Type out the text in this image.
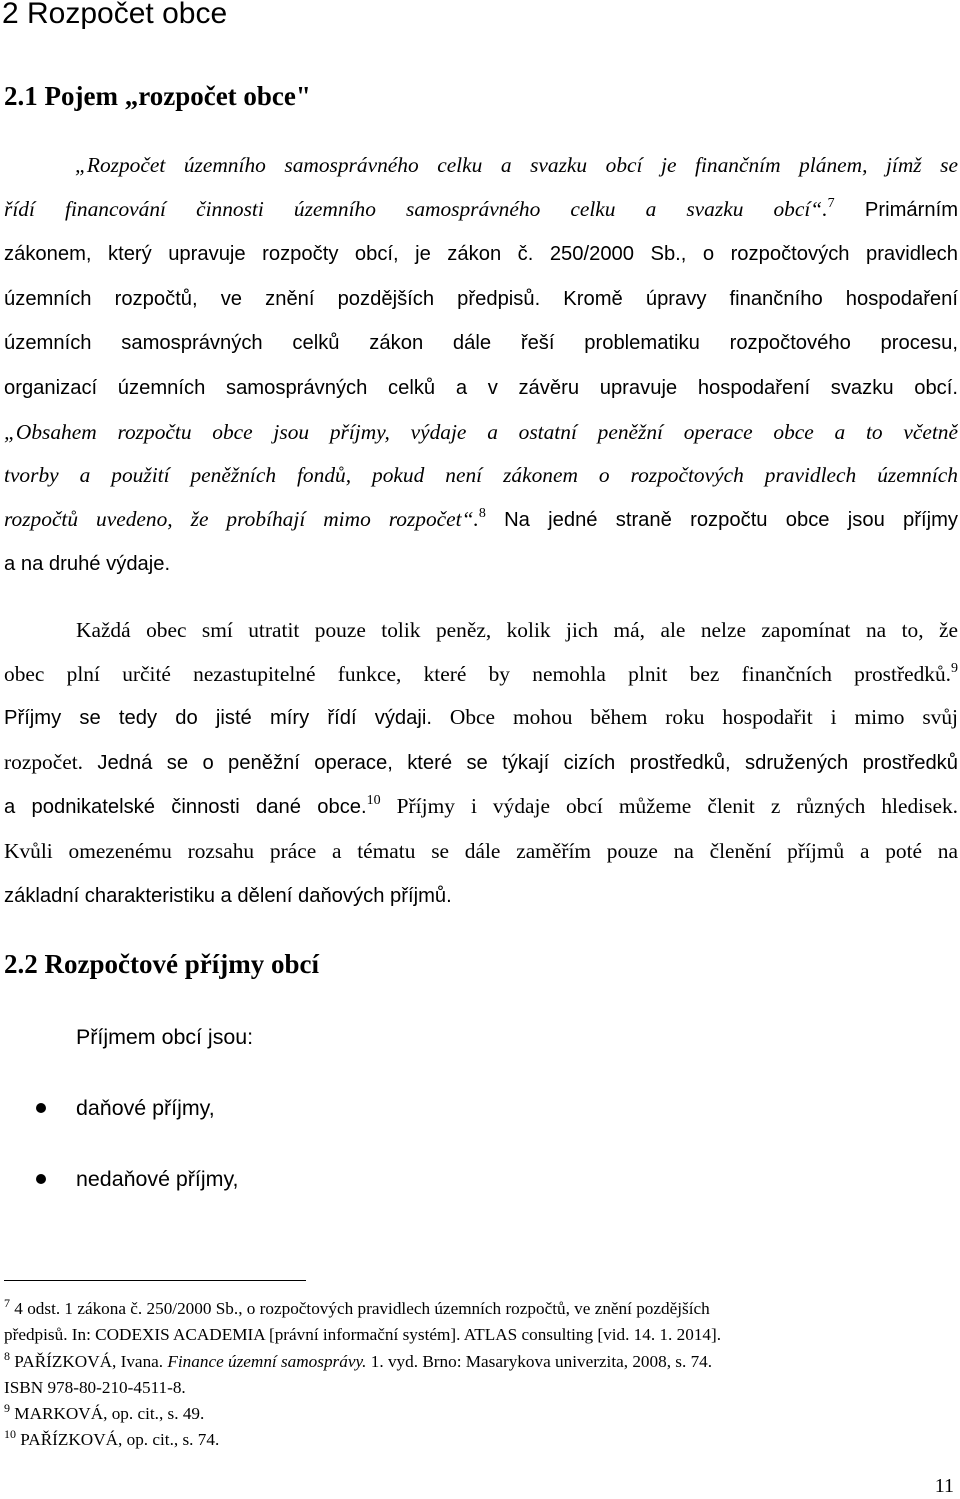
2 Rozpočet obce
2.1 Pojem „rozpočet obce"
„Rozpočet územního samosprávného celku a svazku obcí je finančním plánem, jímž se
řídí financování činnosti územního samosprávného celku a svazku obcí“.$^7$ Primárním
zákonem, který upravuje rozpočty obcí, je zákon č. 250/2000 Sb., o rozpočtových pravidlech
územních rozpočtů, ve znění pozdějších předpisů. Kromě úpravy finančního hospodaření
územních samosprávných celků zákon dále řeší problematiku rozpočtového procesu,
organizací územních samosprávných celků a v závěru upravuje hospodaření svazku obcí.
„Obsahem rozpočtu obce jsou příjmy, výdaje a ostatní peněžní operace obce a to včetně
tvorby a použití peněžních fondů, pokud není zákonem o rozpočtových pravidlech územních
rozpočtů uvedeno, že probíhají mimo rozpočet“.$^8$ Na jedné straně rozpočtu obce jsou příjmy
a na druhé výdaje.
Každá obec smí utratit pouze tolik peněz, kolik jich má, ale nelze zapomínat na to, že
obec plní určité nezastupitelné funkce, které by nemohla plnit bez finančních prostředků.$^9$
Příjmy se tedy do jisté míry řídí výdaji. Obce mohou během roku hospodařit i mimo svůj
rozpočet. Jedná se o peněžní operace, které se týkají cizích prostředků, sdružených prostředků
a podnikatelské činnosti dané obce.$^{10}$ Příjmy i výdaje obcí můžeme členit z různých hledisek.
Kvůli omezenému rozsahu práce a tématu se dále zaměřím pouze na členění příjmů a poté na
základní charakteristiku a dělení daňových příjmů.
2.2 Rozpočtové příjmy obcí

Příjmem obcí jsou:

daňové příjmy,
nedaňové příjmy,
$^7$ 4 odst. 1 zákona č. 250/2000 Sb., o rozpočtových pravidlech územních rozpočtů, ve znění pozdějších
předpisů. In: CODEXIS ACADEMIA [právní informační systém]. ATLAS consulting [vid. 14. 1. 2014].
$^8$ PAŘÍZKOVÁ, Ivana. Finance územní samosprávy. 1. vyd. Brno: Masarykova univerzita, 2008, s. 74.
ISBN 978-80-210-4511-8.
$^9$ MARKOVÁ, op. cit., s. 49.
$^{10}$ PAŘÍZKOVÁ, op. cit., s. 74.
11
